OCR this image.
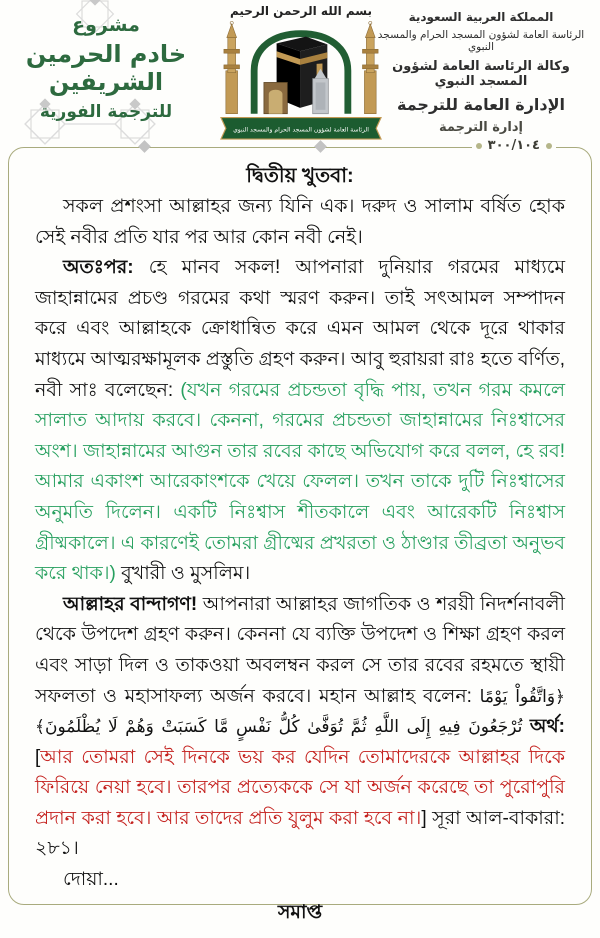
مشروع
خادم الحرمين الشريفين
للترجمة الفورية
بسم الله الرحمن الرحيم
الرئاسة العامة لشؤون المسجد الحرام والمسجد النبوي
المملكة العربية السعودية
الرئاسة العامة لشؤون المسجد الحرام والمسجد النبوي
وكالة الرئاسة العامة لشؤون المسجد النبوي
الإدارة العامة للترجمة
إدارة الترجمة
٣٠٠/١٠٤
দ্বিতীয় খুতবা:
সকল প্রশংসা আল্লাহর জন্য যিনি এক। দরুদ ও সালাম বর্ষিত হোক সেই নবীর প্রতি যার পর আর কোন নবী নেই।
অতঃপর: হে মানব সকল! আপনারা দুনিয়ার গরমের মাধ্যমে জাহান্নামের প্রচণ্ড গরমের কথা স্মরণ করুন। তাই সৎআমল সম্পাদন করে এবং আল্লাহকে ক্রোধান্বিত করে এমন আমল থেকে দূরে থাকার মাধ্যমে আত্মরক্ষামূলক প্রস্তুতি গ্রহণ করুন। আবু হুরায়রা রাঃ হতে বর্ণিত, নবী সাঃ বলেছেন: (যখন গরমের প্রচন্ডতা বৃদ্ধি পায়, তখন গরম কমলে সালাত আদায় করবে। কেননা, গরমের প্রচন্ডতা জাহান্নামের নিঃশ্বাসের অংশ। জাহান্নামের আগুন তার রবের কাছে অভিযোগ করে বলল, হে রব! আমার একাংশ আরেকাংশকে খেয়ে ফেলল। তখন তাকে দুটি নিঃশ্বাসের অনুমতি দিলেন। একটি নিঃশ্বাস শীতকালে এবং আরেকটি নিঃশ্বাস গ্রীষ্মকালে। এ কারণেই তোমরা গ্রীষ্মের প্রখরতা ও ঠাণ্ডার তীব্রতা অনুভব করে থাক।) বুখারী ও মুসলিম।
আল্লাহর বান্দাগণ! আপনারা আল্লাহর জাগতিক ও শরয়ী নিদর্শনাবলী থেকে উপদেশ গ্রহণ করুন। কেননা যে ব্যক্তি উপদেশ ও শিক্ষা গ্রহণ করল এবং সাড়া দিল ও তাকওয়া অবলম্বন করল সে তার রবের রহমতে স্থায়ী সফলতা ও মহাসাফল্য অর্জন করবে। মহান আল্লাহ বলেন: ﴿وَاتَّقُواْ يَوْمًا تُرْجَعُونَ فِيهِ إِلَى اللَّهِ ثُمَّ تُوَفَّىٰ كُلُّ نَفْسٍ مَّا كَسَبَتْ وَهُمْ لَا يُظْلَمُونَ﴾ অর্থ: [আর তোমরা সেই দিনকে ভয় কর যেদিন তোমাদেরকে আল্লাহর দিকে ফিরিয়ে নেয়া হবে। তারপর প্রত্যেককে সে যা অর্জন করেছে তা পুরোপুরি প্রদান করা হবে। আর তাদের প্রতি যুলুম করা হবে না।] সূরা আল-বাকারা: ২৮১।
দোয়া...
সমাপ্ত
